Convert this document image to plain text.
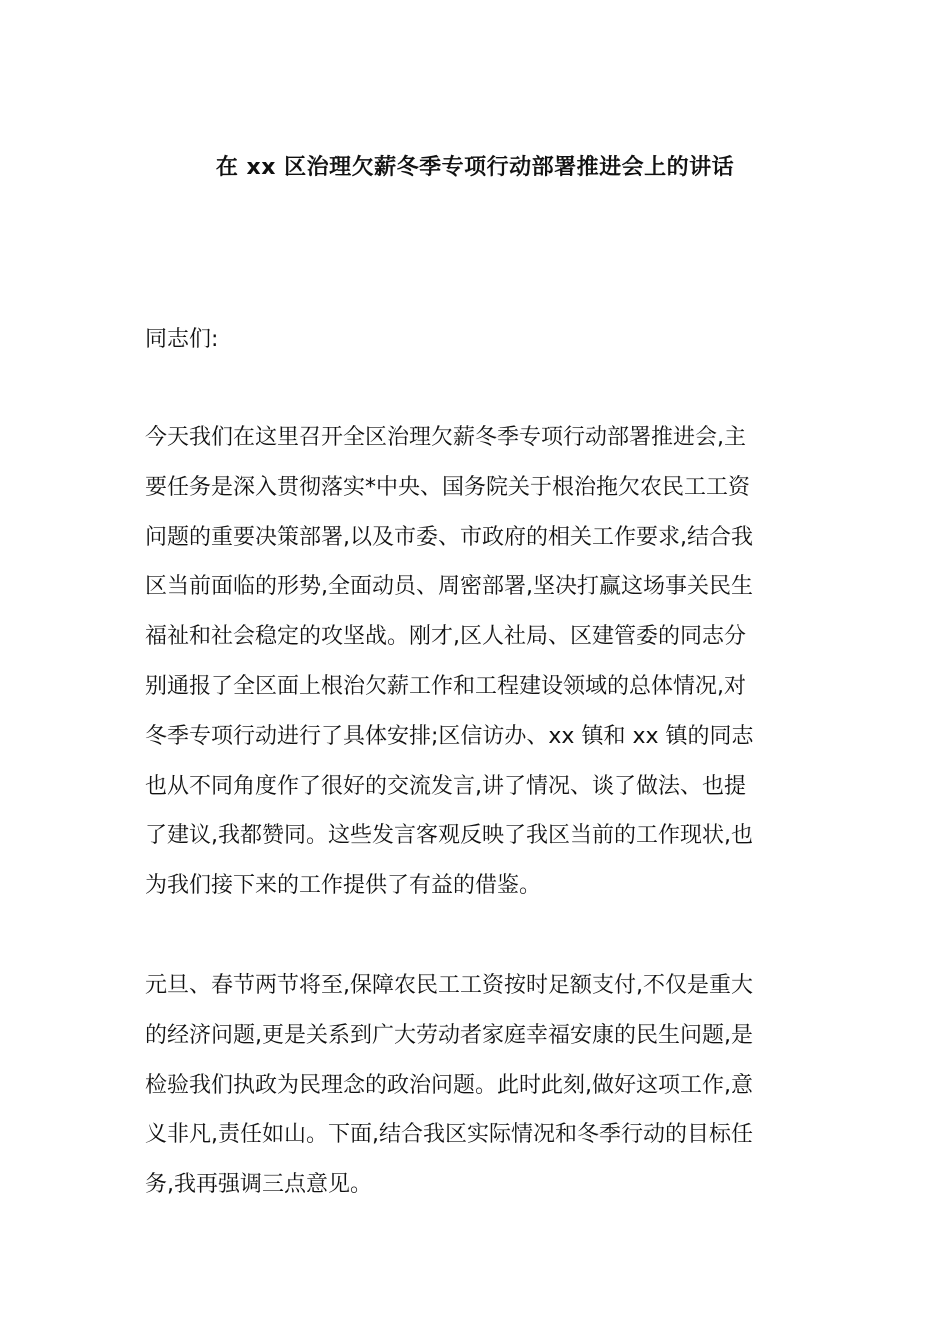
在 xx 区治理欠薪冬季专项行动部署推进会上的讲话

同志们:

今天我们在这里召开全区治理欠薪冬季专项行动部署推进会,主
要任务是深入贯彻落实*中央、国务院关于根治拖欠农民工工资
问题的重要决策部署,以及市委、市政府的相关工作要求,结合我
区当前面临的形势,全面动员、周密部署,坚决打赢这场事关民生
福祉和社会稳定的攻坚战。刚才,区人社局、区建管委的同志分
别通报了全区面上根治欠薪工作和工程建设领域的总体情况,对
冬季专项行动进行了具体安排;区信访办、xx 镇和 xx 镇的同志
也从不同角度作了很好的交流发言,讲了情况、谈了做法、也提
了建议,我都赞同。这些发言客观反映了我区当前的工作现状,也
为我们接下来的工作提供了有益的借鉴。

元旦、春节两节将至,保障农民工工资按时足额支付,不仅是重大
的经济问题,更是关系到广大劳动者家庭幸福安康的民生问题,是
检验我们执政为民理念的政治问题。此时此刻,做好这项工作,意
义非凡,责任如山。下面,结合我区实际情况和冬季行动的目标任
务,我再强调三点意见。
